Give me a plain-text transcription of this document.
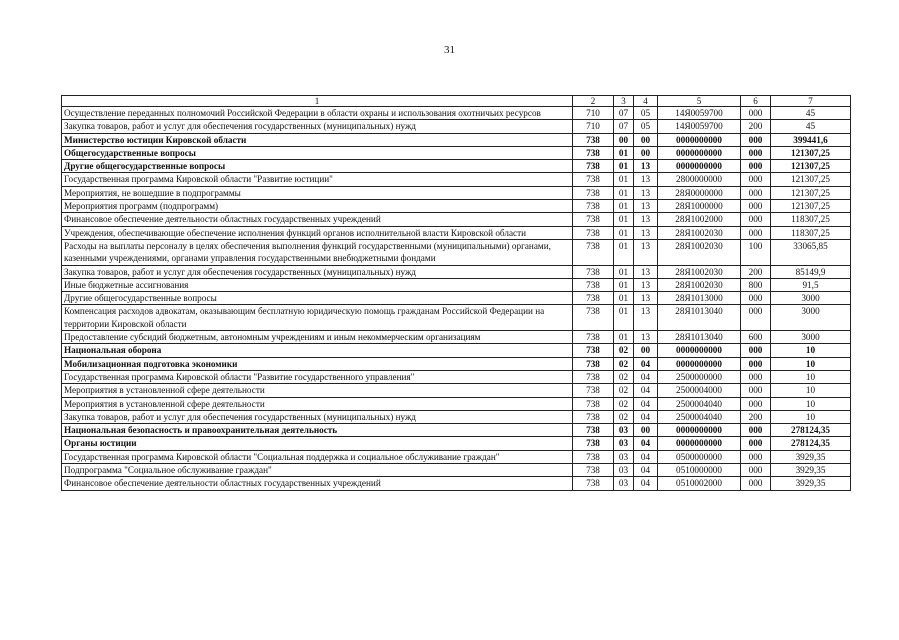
31
1	2	3	4	5	6	7
Осуществление переданных полномочий Российской Федерации в области охраны и использования охотничьих ресурсов	710	07	05	14Я0059700	000	45
Закупка товаров, работ и услуг для обеспечения государственных (муниципальных) нужд	710	07	05	14Я0059700	200	45
Министерство юстиции Кировской области	738	00	00	0000000000	000	399441,6
Общегосударственные вопросы	738	01	00	0000000000	000	121307,25
Другие общегосударственные вопросы	738	01	13	0000000000	000	121307,25
Государственная программа Кировской области "Развитие юстиции"	738	01	13	2800000000	000	121307,25
Мероприятия, не вошедшие в подпрограммы	738	01	13	28Я0000000	000	121307,25
Мероприятия программ (подпрограмм)	738	01	13	28Я1000000	000	121307,25
Финансовое обеспечение деятельности областных государственных учреждений	738	01	13	28Я1002000	000	118307,25
Учреждения, обеспечивающие обеспечение исполнения функций органов исполнительной власти Кировской области	738	01	13	28Я1002030	000	118307,25
Расходы на выплаты персоналу в целях обеспечения выполнения функций государственными (муниципальными) органами, казенными учреждениями, органами управления государственными внебюджетными фондами	738	01	13	28Я1002030	100	33065,85
Закупка товаров, работ и услуг для обеспечения государственных (муниципальных) нужд	738	01	13	28Я1002030	200	85149,9
Иные бюджетные ассигнования	738	01	13	28Я1002030	800	91,5
Другие общегосударственные вопросы	738	01	13	28Я1013000	000	3000
Компенсация расходов адвокатам, оказывающим бесплатную юридическую помощь гражданам Российской Федерации на территории Кировской области	738	01	13	28Я1013040	000	3000
Предоставление субсидий бюджетным, автономным учреждениям и иным некоммерческим организациям	738	01	13	28Я1013040	600	3000
Национальная оборона	738	02	00	0000000000	000	10
Мобилизационная подготовка экономики	738	02	04	0000000000	000	10
Государственная программа Кировской области "Развитие государственного управления"	738	02	04	2500000000	000	10
Мероприятия в установленной сфере деятельности	738	02	04	2500004000	000	10
Мероприятия в установленной сфере деятельности	738	02	04	2500004040	000	10
Закупка товаров, работ и услуг для обеспечения государственных (муниципальных) нужд	738	02	04	2500004040	200	10
Национальная безопасность и правоохранительная деятельность	738	03	00	0000000000	000	278124,35
Органы юстиции	738	03	04	0000000000	000	278124,35
Государственная программа Кировской области "Социальная поддержка и социальное обслуживание граждан"	738	03	04	0500000000	000	3929,35
Подпрограмма "Социальное обслуживание граждан"	738	03	04	0510000000	000	3929,35
Финансовое обеспечение деятельности областных государственных учреждений	738	03	04	0510002000	000	3929,35
